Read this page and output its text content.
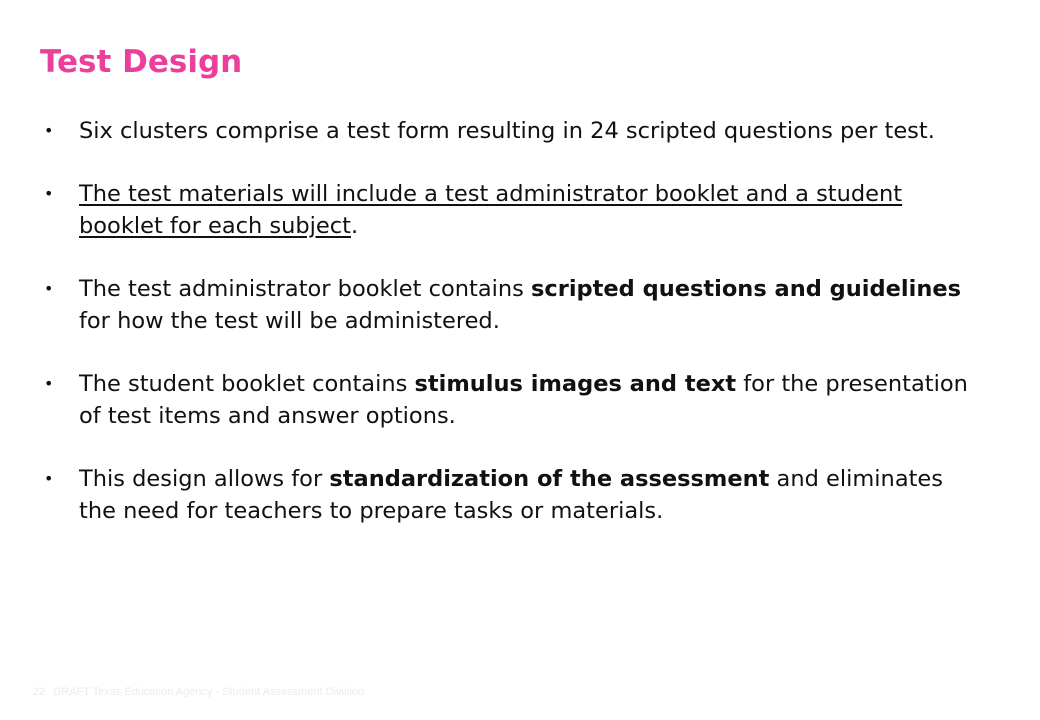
Test Design
• Six clusters comprise a test form resulting in 24 scripted questions per test.
• The test materials will include a test administrator booklet and a student booklet for each subject.
• The test administrator booklet contains scripted questions and guidelines for how the test will be administered.
• The student booklet contains stimulus images and text for the presentation of test items and answer options.
• This design allows for standardization of the assessment and eliminates the need for teachers to prepare tasks or materials.
22 DRAFT Texas Education Agency - Student Assessment Division
